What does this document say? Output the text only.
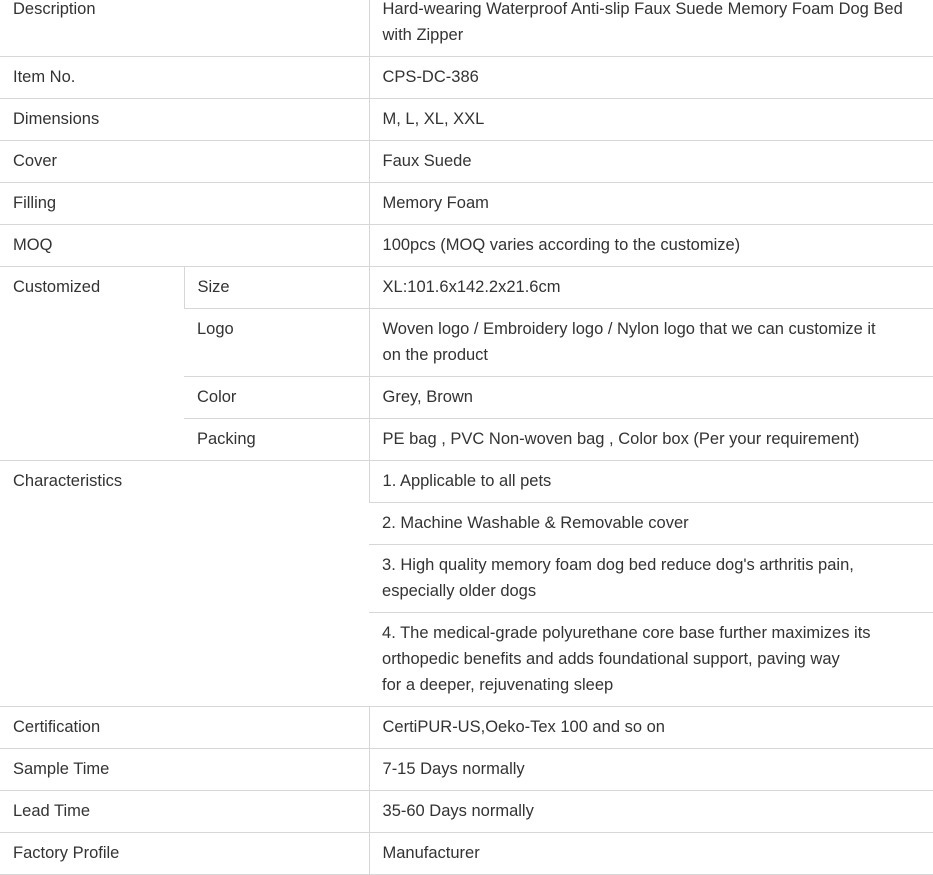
Description		Hard-wearing Waterproof Anti-slip Faux Suede Memory Foam Dog Bed
with Zipper

Item No.		CPS-DC-386
Dimensions		M, L, XL, XXL
Cover		Faux Suede
Filling		Memory Foam
MOQ		100pcs (MOQ varies according to the customize)
Customized	Size	XL:101.6x142.2x21.6cm

	Logo	Woven logo / Embroidery logo / Nylon logo that we can customize it
on the product

	Color	Grey, Brown

	Packing	PE bag , PVC Non-woven bag , Color box (Per your requirement)

Characteristics		1. Applicable to all pets

		2. Machine Washable & Removable cover

		3. High quality memory foam dog bed reduce dog's arthritis pain,
especially older dogs

		4. The medical-grade polyurethane core base further maximizes its
orthopedic benefits and adds foundational support, paving way
for a deeper, rejuvenating sleep

Certification		CertiPUR-US,Oeko-Tex 100 and so on
Sample Time		7-15 Days normally
Lead Time		35-60 Days normally
Factory Profile		Manufacturer
